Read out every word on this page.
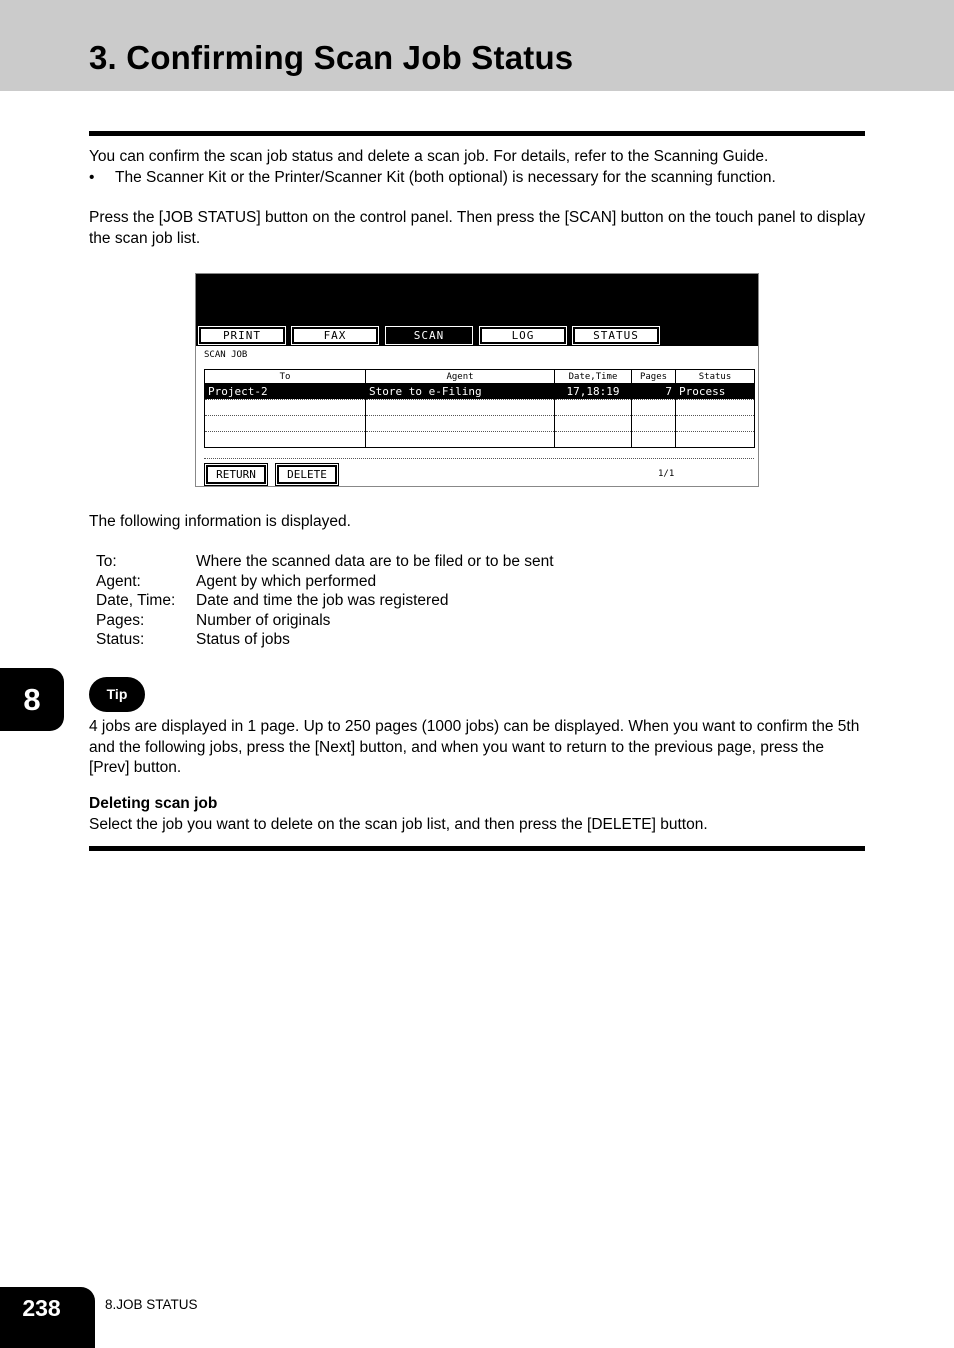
3. Confirming Scan Job Status

You can confirm the scan job status and delete a scan job. For details, refer to the Scanning Guide.

• The Scanner Kit or the Printer/Scanner Kit (both optional) is necessary for the scanning function.

Press the [JOB STATUS] button on the control panel. Then press the [SCAN] button on the touch panel to display the scan job list.

PRINT	FAX	SCAN	LOG	STATUS
SCAN JOB
To	Agent	Date,Time	Pages	Status
Project-2	Store to e-Filing	17,18:19	7	Process

RETURN	DELETE	1/1

The following information is displayed.

To:	Where the scanned data are to be filed or to be sent
Agent:	Agent by which performed
Date, Time:	Date and time the job was registered
Pages:	Number of originals
Status:	Status of jobs
8	Tip

4 jobs are displayed in 1 page. Up to 250 pages (1000 jobs) can be displayed. When you want to confirm the 5th and the following jobs, press the [Next] button, and when you want to return to the previous page, press the [Prev] button.

Deleting scan job

Select the job you want to delete on the scan job list, and then press the [DELETE] button.

238	8.JOB STATUS
